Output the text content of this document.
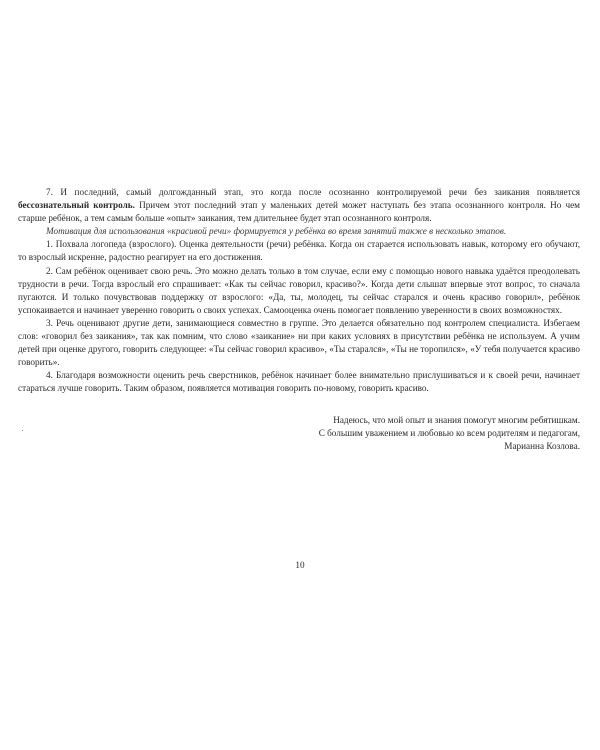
7. И последний, самый долгожданный этап, это когда после осознанно контролируемой речи без заикания появляется бессознательный контроль. Причем этот последний этап у маленьких детей может наступать без этапа осознанного контроля. Но чем старше ребёнок, а тем самым больше «опыт» заикания, тем длительнее будет этап осознанного контроля.

Мотивация для использования «красивой речи» формируется у ребёнка во время занятий также в несколько этапов.

1. Похвала логопеда (взрослого). Оценка деятельности (речи) ребёнка. Когда он старается использовать навык, которому его обучают, то взрослый искренне, радостно реагирует на его достижения.

2. Сам ребёнок оценивает свою речь. Это можно делать только в том случае, если ему с помощью нового навыка удаётся преодолевать трудности в речи. Тогда взрослый его спрашивает: «Как ты сейчас говорил, красиво?». Когда дети слышат впервые этот вопрос, то сначала пугаются. И только почувствовав поддержку от взрослого: «Да, ты, молодец, ты сейчас старался и очень красиво говорил», ребёнок успокаивается и начинает уверенно говорить о своих успехах. Самооценка очень помогает появлению уверенности в своих возможностях.

3. Речь оценивают другие дети, занимающиеся совместно в группе. Это делается обязательно под контролем специалиста. Избегаем слов: «говорил без заикания», так как помним, что слово «заикание» ни при каких условиях в присутствии ребёнка не используем. А учим детей при оценке другого, говорить следующее: «Ты сейчас говорил красиво», «Ты старался», «Ты не торопился», «У тебя получается красиво говорить».

4. Благодаря возможности оценить речь сверстников, ребёнок начинает более внимательно прислушиваться и к своей речи, начинает стараться лучше говорить. Таким образом, появляется мотивация говорить по-новому, говорить красиво.

Надеюсь, что мой опыт и знания помогут многим ребятишкам.

С большим уважением и любовью ко всем родителям и педагогам,

Марианна Козлова.

10
